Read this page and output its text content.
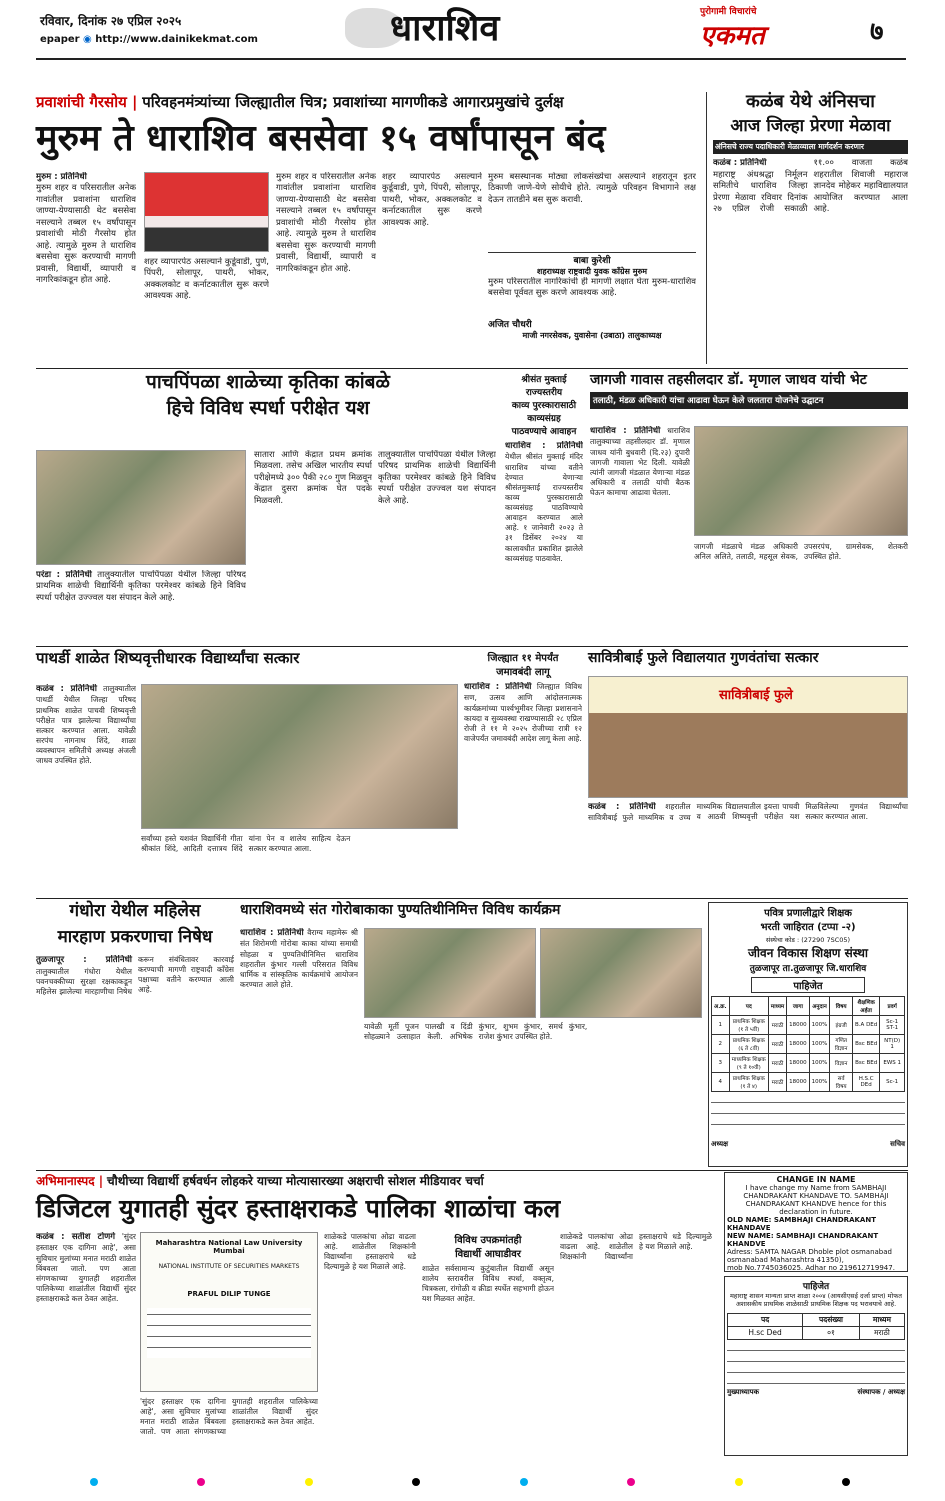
रविवार, दिनांक २७ एप्रिल २०२५
epaper ◉ http://www.dainikekmat.com	धाराशिव	पुरोगामी विचारांचे
एकमत	७
प्रवाशांची गैरसोय | परिवहनमंत्र्यांच्या जिल्ह्यातील चित्र; प्रवाशांच्या मागणीकडे आगारप्रमुखांचे दुर्लक्ष
मुरुम ते धाराशिव बससेवा १५ वर्षांपासून बंद
मुरुम : प्रतिनिधी
मुरुम शहर व परिसरातील अनेक गावांतील प्रवाशांना धाराशिव जाण्या-येण्यासाठी थेट बससेवा नसल्याने तब्बल १५ वर्षांपासून प्रवाशांची मोठी गैरसोय होत आहे. त्यामुळे मुरुम ते धाराशिव बससेवा सुरू करण्याची मागणी प्रवासी, विद्यार्थी, व्यापारी व नागरिकांकडून होत आहे.
शहर व्यापारपेठ असल्याने कुर्डूवाडी, पुणे, पिंपरी, सोलापूर, पाथरी, भोकर, अक्कलकोट व कर्नाटकातील सुरू करणे आवश्यक आहे.
मुरुम शहर व परिसरातील अनेक गावांतील प्रवाशांना धाराशिव जाण्या-येण्यासाठी थेट बससेवा नसल्याने तब्बल १५ वर्षांपासून प्रवाशांची मोठी गैरसोय होत आहे. त्यामुळे मुरुम ते धाराशिव बससेवा सुरू करण्याची मागणी प्रवासी, विद्यार्थी, व्यापारी व नागरिकांकडून होत आहे.
शहर व्यापारपेठ असल्याने कुर्डूवाडी, पुणे, पिंपरी, सोलापूर, पाथरी, भोकर, अक्कलकोट व कर्नाटकातील सुरू करणे आवश्यक आहे.
मुरुम बसस्थानक मोठ्या लोकसंख्येचा असल्याने शहरातून इतर ठिकाणी जाणे-येणे सोयीचे होते. त्यामुळे परिवहन विभागाने लक्ष देऊन तातडीने बस सुरू करावी.
बाबा कुरेशी
शहराध्यक्ष राष्ट्रवादी युवक काँग्रेस मुरुम
मुरुम परिसरातील नागरिकांची ही मागणी लक्षात घेता मुरुम-धाराशिव बससेवा पूर्ववत सुरू करणे आवश्यक आहे.
अजित चौधरी
माजी नगरसेवक, युवासेना (उबाठा) तालुकाध्यक्ष
कळंब येथे अंनिसचा
आज जिल्हा प्रेरणा मेळावा
अंनिसचे राज्य पदाधिकारी मेळाव्याला मार्गदर्शन करणार
कळंब : प्रतिनिधी
महाराष्ट्र अंधश्रद्धा निर्मूलन समितीचे धाराशिव जिल्हा प्रेरणा मेळावा रविवार दिनांक २७ एप्रिल रोजी सकाळी ११.०० वाजता कळंब शहरातील शिवाजी महाराज ज्ञानदेव मोहेकर महाविद्यालयात आयोजित करण्यात आला आहे.
पाचपिंपळा शाळेच्या कृतिका कांबळे
हिचे विविध स्पर्धा परीक्षेत यश
परंडा : प्रतिनिधी तालुक्यातील पाचपिंपळा येथील जिल्हा परिषद प्राथमिक शाळेची विद्यार्थिनी कृतिका परमेश्वर कांबळे हिने विविध स्पर्धा परीक्षेत उज्ज्वल यश संपादन केले आहे.
सातारा आणि केंद्रात प्रथम क्रमांक मिळवला. तसेच अखिल भारतीय स्पर्धा परीक्षेमध्ये ३०० पैकी २८० गुण मिळवून केंद्रात दुसरा क्रमांक घेत पदके मिळवली.
तालुक्यातील पाचपिंपळा येथील जिल्हा परिषद प्राथमिक शाळेची विद्यार्थिनी कृतिका परमेश्वर कांबळे हिने विविध स्पर्धा परीक्षेत उज्ज्वल यश संपादन केले आहे.
श्रीसंत मुक्ताई राज्यस्तरीय
काव्य पुरस्कारासाठी
काव्यसंग्रह
पाठवण्याचे आवाहन
धाराशिव : प्रतिनिधी येथील श्रीसंत मुक्ताई मंदिर धाराशिव यांच्या वतीने देण्यात येणाऱ्या श्रीसंतमुक्ताई राज्यस्तरीय काव्य पुरस्कारासाठी काव्यसंग्रह पाठविण्याचे आवाहन करण्यात आले आहे. १ जानेवारी २०२३ ते ३१ डिसेंबर २०२४ या कालावधीत प्रकाशित झालेले काव्यसंग्रह पाठवावेत.
जागजी गावास तहसीलदार डॉ. मृणाल जाधव यांची भेट
तलाठी, मंडळ अधिकारी यांचा आढावा घेऊन केले जलतारा योजनेचे उद्घाटन
धाराशिव : प्रतिनिधी धाराशिव तालुक्याच्या तहसीलदार डॉ. मृणाल जाधव यांनी बुधवारी (दि.२३) दुपारी जागजी गावाला भेट दिली. यावेळी त्यांनी जागजी मंडळात येणाऱ्या मंडळ अधिकारी व तलाठी यांची बैठक घेऊन कामाचा आढावा घेतला.
जागजी मंडळाचे मंडळ अधिकारी अनिल अलिते, तलाठी, महसूल सेवक, उपसरपंच, ग्रामसेवक, शेतकरी उपस्थित होते.
पाथर्डी शाळेत शिष्यवृत्तीधारक विद्यार्थ्यांचा सत्कार
कळंब : प्रतिनिधी तालुक्यातील पाथर्डी येथील जिल्हा परिषद प्राथमिक शाळेत पाचवी शिष्यवृत्ती परीक्षेत पात्र झालेल्या विद्यार्थ्यांचा सत्कार करण्यात आला. यावेळी सरपंच नागनाथ शिंदे, शाळा व्यवस्थापन समितीचे अध्यक्ष अंजली जाधव उपस्थित होते.
सर्वांच्या हस्ते यशवंत विद्यार्थिनी गीता श्रीकांत शिंदे, आदिती दत्तात्रय शिंदे यांना पेन व शालेय साहित्य देऊन सत्कार करण्यात आला.
जिल्ह्यात ११ मेपर्यंत
जमावबंदी लागू
धाराशिव : प्रतिनिधी जिल्ह्यात विविध सण, उत्सव आणि आंदोलनात्मक कार्यक्रमांच्या पार्श्वभूमीवर जिल्हा प्रशासनाने कायदा व सुव्यवस्था राखण्यासाठी २८ एप्रिल रोजी ते ११ मे २०२५ रोजीच्या रात्री १२ वाजेपर्यंत जमावबंदी आदेश लागू केला आहे.
सावित्रीबाई फुले विद्यालयात गुणवंतांचा सत्कार
सावित्रीबाई फुले
कळंब : प्रतिनिधी शहरातील सावित्रीबाई फुले माध्यमिक व उच्च माध्यमिक विद्यालयातील इयत्ता पाचवी व आठवी शिष्यवृत्ती परीक्षेत यश मिळविलेल्या गुणवंत विद्यार्थ्यांचा सत्कार करण्यात आला.
गंधोरा येथील महिलेस
मारहाण प्रकरणाचा निषेध
तुळजापूर : प्रतिनिधी तालुक्यातील गंधोरा येथील पवनचक्कीच्या सुरक्षा रक्षकाकडून महिलेस झालेल्या मारहाणीचा निषेध करून संबंधितावर कारवाई करण्याची मागणी राष्ट्रवादी काँग्रेस पक्षाच्या वतीने करण्यात आली आहे.
धाराशिवमध्ये संत गोरोबाकाका पुण्यतिथीनिमित्त विविध कार्यक्रम
धाराशिव : प्रतिनिधी वैराग्य महामेरू श्री संत शिरोमणी गोरोबा काका यांच्या समाधी सोहळा व पुण्यतिथीनिमित्त धाराशिव शहरातील कुंभार गल्ली परिसरात विविध धार्मिक व सांस्कृतिक कार्यक्रमांचे आयोजन करण्यात आले होते.
यावेळी मूर्ती पूजन पालखी व दिंडी सोहळ्याने उत्साहात केली. अभिषेक कुंभार, शुभम कुंभार, समर्थ कुंभार, राजेश कुंभार उपस्थित होते.
पवित्र प्रणालीद्वारे शिक्षक
भरती जाहिरात (टप्पा -२)
संस्थेचा कोड : (27290 7SC05)
जीवन विकास शिक्षण संस्था
तुळजापूर ता.तुळजापूर जि.धाराशिव
पाहिजेत
अ.क्र.	पद	माध्यम	जागा	अनुदान	विषय	शैक्षणिक अर्हता	प्रवर्ग
1	प्राथमिक शिक्षक (१ ते ५वी)	मराठी	18000	100%	इंग्रजी	B.A DEd	Sc-1 ST-1
2	प्राथमिक शिक्षक (६ ते ८वी)	मराठी	18000	100%	गणित विज्ञान	Bsc BEd	NT(D) 1
3	माध्यमिक शिक्षक (९ ते १०वी)	मराठी	18000	100%	विज्ञान	Bsc BEd	EWS 1
4	प्राथमिक शिक्षक (१ ते ४)	मराठी	18000	100%	सर्व विषय	H.S.C DEd	Sc-1
अध्यक्ष	सचिव
अभिमानास्पद | चौथीच्या विद्यार्थी हर्षवर्धन लोहकरे याच्या मोत्यासारख्या अक्षराची सोशल मीडियावर चर्चा
डिजिटल युगातही सुंदर हस्ताक्षराकडे पालिका शाळांचा कल
कळंब : सतीश टोणगे 'सुंदर हस्ताक्षर एक दागिना आहे', असा सुविचार मुलांच्या मनात मराठी शाळेत बिंबवला जातो. पण आता संगणकाच्या युगातही शहरातील पालिकेच्या शाळांतील विद्यार्थी सुंदर हस्ताक्षराकडे कल ठेवत आहेत.
Maharashtra National Law University Mumbai
NATIONAL INSTITUTE OF SECURITIES MARKETS
PRAFUL DILIP TUNGE
'सुंदर हस्ताक्षर एक दागिना आहे', असा सुविचार मुलांच्या मनात मराठी शाळेत बिंबवला जातो. पण आता संगणकाच्या युगातही शहरातील पालिकेच्या शाळांतील विद्यार्थी सुंदर हस्ताक्षराकडे कल ठेवत आहेत.
शाळेकडे पालकांचा ओढा वाढला आहे. शाळेतील शिक्षकांनी विद्यार्थ्यांना हस्ताक्षराचे धडे दिल्यामुळे हे यश मिळाले आहे.
विविध उपक्रमांतही
विद्यार्थी आघाडीवर
शाळेत सर्वसामान्य कुटुंबातील विद्यार्थी असून शालेय स्तरावरील विविध स्पर्धा, वक्तृत्व, चित्रकला, रांगोळी व क्रीडा स्पर्धेत सहभागी होऊन यश मिळवत आहेत.
शाळेकडे पालकांचा ओढा वाढला आहे. शाळेतील शिक्षकांनी विद्यार्थ्यांना हस्ताक्षराचे धडे दिल्यामुळे हे यश मिळाले आहे.
CHANGE IN NAME
I have change my Name from SAMBHAJI CHANDRAKANT KHANDAVE TO. SAMBHAJI CHANDRAKANT KHANDVE hence for this declaration in future.
OLD NAME: SAMBHAJI CHANDRAKANT KHANDAVE
NEW NAME: SAMBHAJI CHANDRAKANT KHANDVE
Adress: SAMTA NAGAR Dhoble plot osmanabad osmanabad Maharashtra 41350),
mob No.7745036025. Adhar no 219612719947.
पाहिजेत
महाराष्ट्र शासन मान्यता प्राप्त शाळा २००४ (आयसीएसई दर्जा प्राप्त) मोफत अशासकीय प्राथमिक शाळेसाठी प्राथमिक शिक्षक पद भरावयाचे आहे.
पद	पदसंख्या	माध्यम
H.sc Ded	०१	मराठी
मुख्याध्यापक	संस्थापक / अध्यक्ष
